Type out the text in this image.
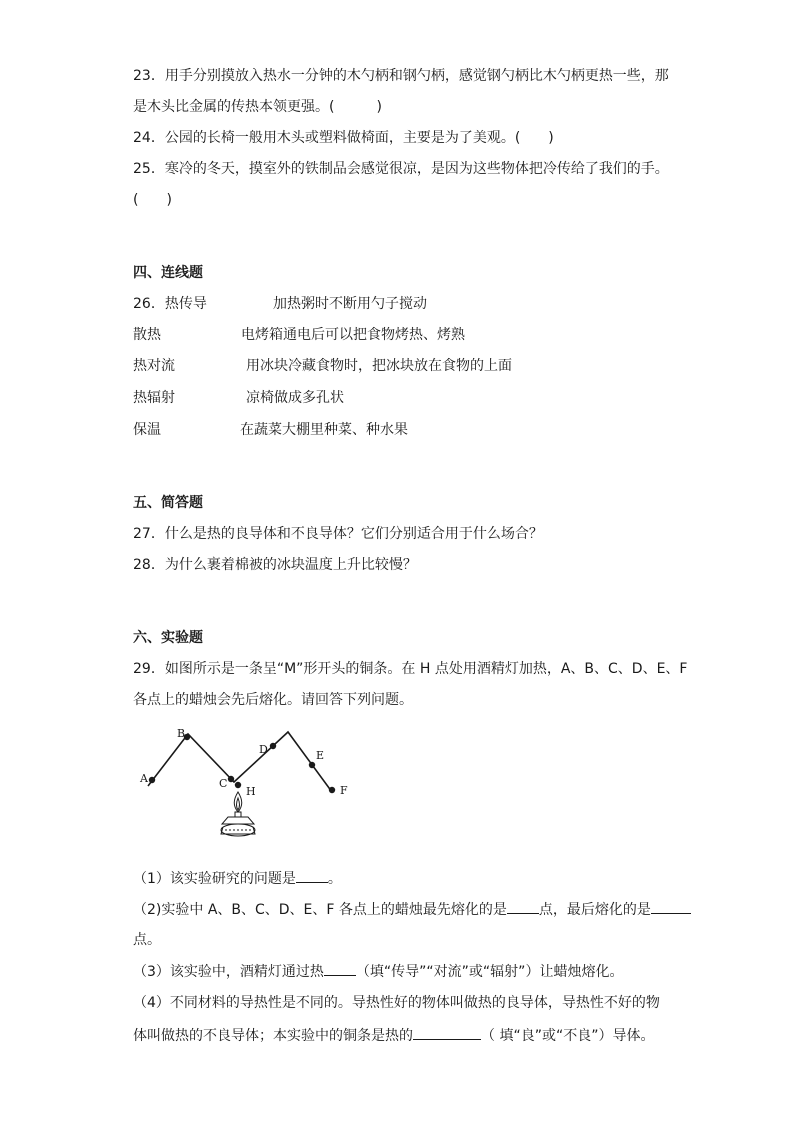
23．用手分别摸放入热水一分钟的木勺柄和钢勺柄，感觉钢勺柄比木勺柄更热一些，那
是木头比金属的传热本领更强。(　　　)
24．公园的长椅一般用木头或塑料做椅面，主要是为了美观。(　　)
25．寒冷的冬天，摸室外的铁制品会感觉很凉，是因为这些物体把冷传给了我们的手。
(　　)
四、连线题
26．热传导	加热粥时不断用勺子搅动
散热	电烤箱通电后可以把食物烤热、烤熟
热对流	用冰块冷藏食物时，把冰块放在食物的上面
热辐射	凉椅做成多孔状
保温	在蔬菜大棚里种菜、种水果
五、简答题
27．什么是热的良导体和不良导体？它们分别适合用于什么场合？
28．为什么裹着棉被的冰块温度上升比较慢？
六、实验题
29．如图所示是一条呈“M”形开头的铜条。在 H 点处用酒精灯加热，A、B、C、D、E、F
各点上的蜡烛会先后熔化。请回答下列问题。
A
B
C
H
D	E
F
（1）该实验研究的问题是 。
（2)实验中 A、B、C、D、E、F 各点上的蜡烛最先熔化的是 点，最后熔化的是
点。
（3）该实验中，酒精灯通过热 （填“传导”“对流”或“辐射”）让蜡烛熔化。
（4）不同材料的导热性是不同的。导热性好的物体叫做热的良导体，导热性不好的物
体叫做热的不良导体；本实验中的铜条是热的	（ 填“良”或“不良”）导体。
